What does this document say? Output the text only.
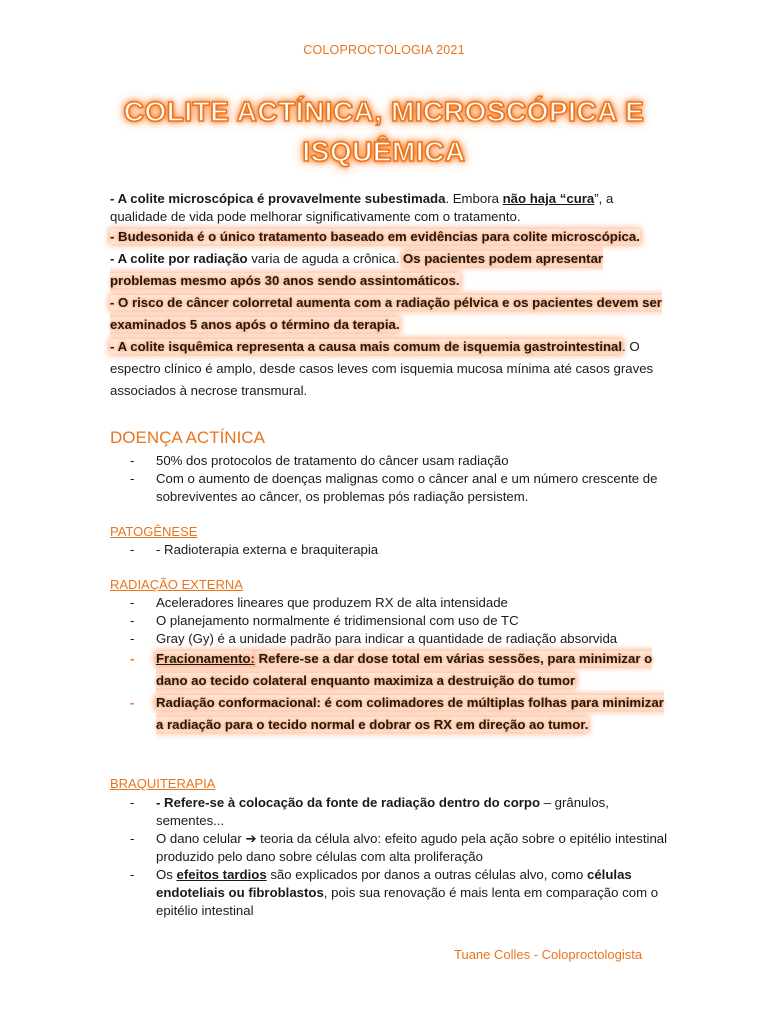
COLOPROCTOLOGIA 2021
COLITE ACTÍNICA, MICROSCÓPICA E
ISQUÊMICA

- A colite microscópica é provavelmente subestimada. Embora não haja “cura”, a qualidade de vida pode melhorar significativamente com o tratamento.

- Budesonida é o único tratamento baseado em evidências para colite microscópica.

- A colite por radiação varia de aguda a crônica. Os pacientes podem apresentar problemas mesmo após 30 anos sendo assintomáticos.

- O risco de câncer colorretal aumenta com a radiação pélvica e os pacientes devem ser examinados 5 anos após o término da terapia.

- A colite isquêmica representa a causa mais comum de isquemia gastrointestinal. O espectro clínico é amplo, desde casos leves com isquemia mucosa mínima até casos graves associados à necrose transmural.

DOENÇA ACTÍNICA
- 50% dos protocolos de tratamento do câncer usam radiação
- Com o aumento de doenças malignas como o câncer anal e um número crescente de sobreviventes ao câncer, os problemas pós radiação persistem.
PATOGÊNESE
- - Radioterapia externa e braquiterapia
RADIAÇÃO EXTERNA
- Aceleradores lineares que produzem RX de alta intensidade
- O planejamento normalmente é tridimensional com uso de TC
- Gray (Gy) é a unidade padrão para indicar a quantidade de radiação absorvida
- Fracionamento: Refere-se a dar dose total em várias sessões, para minimizar o dano ao tecido colateral enquanto maximiza a destruição do tumor
- Radiação conformacional: é com colimadores de múltiplas folhas para minimizar a radiação para o tecido normal e dobrar os RX em direção ao tumor.
BRAQUITERAPIA
- - Refere-se à colocação da fonte de radiação dentro do corpo – grânulos, sementes...
- O dano celular ➔ teoria da célula alvo: efeito agudo pela ação sobre o epitélio intestinal produzido pelo dano sobre células com alta proliferação
- Os efeitos tardios são explicados por danos a outras células alvo, como células endoteliais ou fibroblastos, pois sua renovação é mais lenta em comparação com o epitélio intestinal
Tuane Colles - Coloproctologista
